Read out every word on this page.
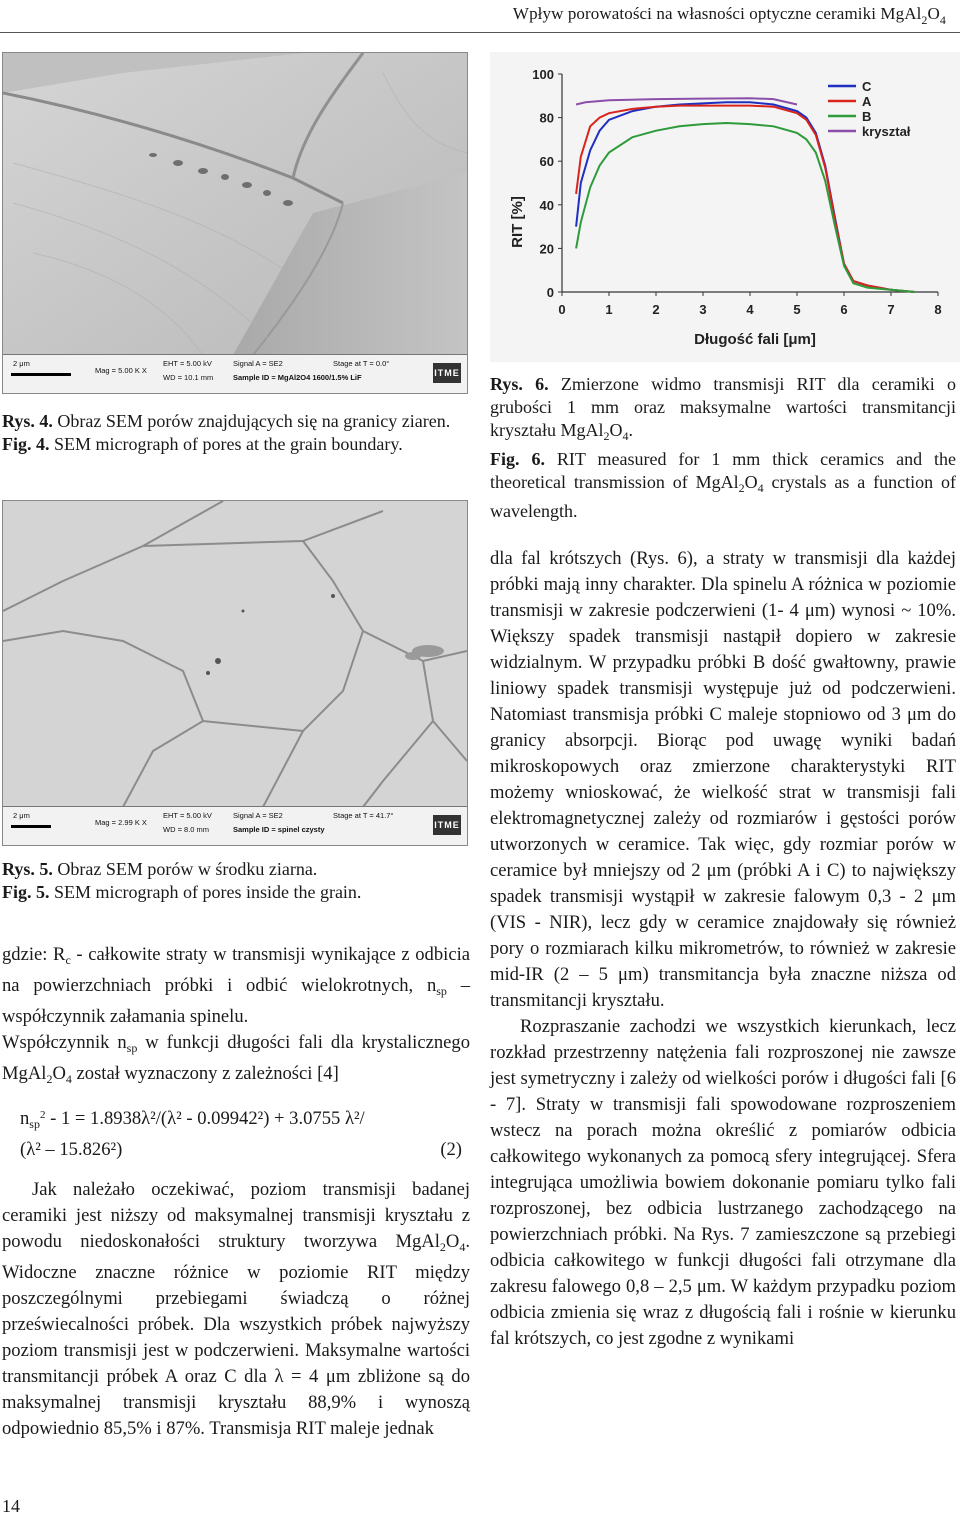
Wpływ porowatości na własności optyczne ceramiki $MgAl_2O_4$
2 μm
Mag = 5.00 K X
EHT = 5.00 kV
WD = 10.1 mm
Signal A = SE2
Sample ID = MgAl2O4 1600/1.5% LiF
Stage at T = 0.0°
ITME
Rys. 4. Obraz SEM porów znajdujących się na granicy ziaren.
Fig. 4. SEM micrograph of pores at the grain boundary.
2 μm
Mag = 2.99 K X
EHT = 5.00 kV
WD = 8.0 mm
Signal A = SE2
Sample ID = spinel czysty
Stage at T = 41.7°
ITME
Rys. 5. Obraz SEM porów w środku ziarna.
Fig. 5. SEM micrograph of pores inside the grain.

gdzie: $R_c$ - całkowite straty w transmisji wynikające z odbicia na powierzchniach próbki i odbić wielokrotnych, $n_{sp}$ – współczynnik załamania spinelu.

Współczynnik $n_{sp}$ w funkcji długości fali dla krystalicznego $MgAl_2O_4$ został wyznaczony z zależności [4]

$n_{sp}^2 - 1 = 1.8938\lambda^2/(\lambda^2 - 0.09942^2) + 3.0755$ λ²/

(λ² – 15.826²)	(2)

Jak należało oczekiwać, poziom transmisji badanej ceramiki jest niższy od maksymalnej transmisji kryształu z powodu niedoskonałości struktury tworzywa $MgAl_2O_4$. Widoczne znaczne różnice w poziomie RIT między poszczególnymi przebiegami świadczą o różnej przeświecalności próbek. Dla wszystkich próbek najwyższy poziom transmisji jest w podczerwieni. Maksymalne wartości transmitancji próbek A oraz C dla λ = 4 μm zbliżone są do maksymalnej transmisji kryształu 88,9% i wynoszą odpowiednio 85,5% i 87%. Transmisja RIT maleje jednak

RIT [%]
Długość fali [μm]
0
20
40
60
80
100
0	1	2	3	4	5	6	7	8
C
A
B
kryształ
Rys. 6. Zmierzone widmo transmisji RIT dla ceramiki o grubości 1 mm oraz maksymalne wartości transmitancji kryształu $MgAl_2O_4$.
Fig. 6. RIT measured for 1 mm thick ceramics and the theoretical transmission of $MgAl_2O_4$ crystals as a function of wavelength.

dla fal krótszych (Rys. 6), a straty w transmisji dla każdej próbki mają inny charakter. Dla spinelu A różnica w poziomie transmisji w zakresie podczerwieni (1- 4 μm) wynosi ~ 10%. Większy spadek transmisji nastąpił dopiero w zakresie widzialnym. W przypadku próbki B dość gwałtowny, prawie liniowy spadek transmisji występuje już od podczerwieni. Natomiast transmisja próbki C maleje stopniowo od 3 μm do granicy absorpcji. Biorąc pod uwagę wyniki badań mikroskopowych oraz zmierzone charakterystyki RIT możemy wnioskować, że wielkość strat w transmisji fali elektromagnetycznej zależy od rozmiarów i gęstości porów utworzonych w ceramice. Tak więc, gdy rozmiar porów w ceramice był mniejszy od 2 μm (próbki A i C) to największy spadek transmisji wystąpił w zakresie falowym 0,3 - 2 μm (VIS - NIR), lecz gdy w ceramice znajdowały się również pory o rozmiarach kilku mikrometrów, to również w zakresie mid-IR (2 – 5 μm) transmitancja była znaczne niższa od transmitancji kryształu.

Rozpraszanie zachodzi we wszystkich kierunkach, lecz rozkład przestrzenny natężenia fali rozproszonej nie zawsze jest symetryczny i zależy od wielkości porów i długości fali [6 - 7]. Straty w transmisji fali spowodowane rozproszeniem wstecz na porach można określić z pomiarów odbicia całkowitego wykonanych za pomocą sfery integrującej. Sfera integrująca umożliwia bowiem dokonanie pomiaru tylko fali rozproszonej, bez odbicia lustrzanego zachodzącego na powierzchniach próbki. Na Rys. 7 zamieszczone są przebiegi odbicia całkowitego w funkcji długości fali otrzymane dla zakresu falowego 0,8 – 2,5 μm. W każdym przypadku poziom odbicia zmienia się wraz z długością fali i rośnie w kierunku fal krótszych, co jest zgodne z wynikami

14
